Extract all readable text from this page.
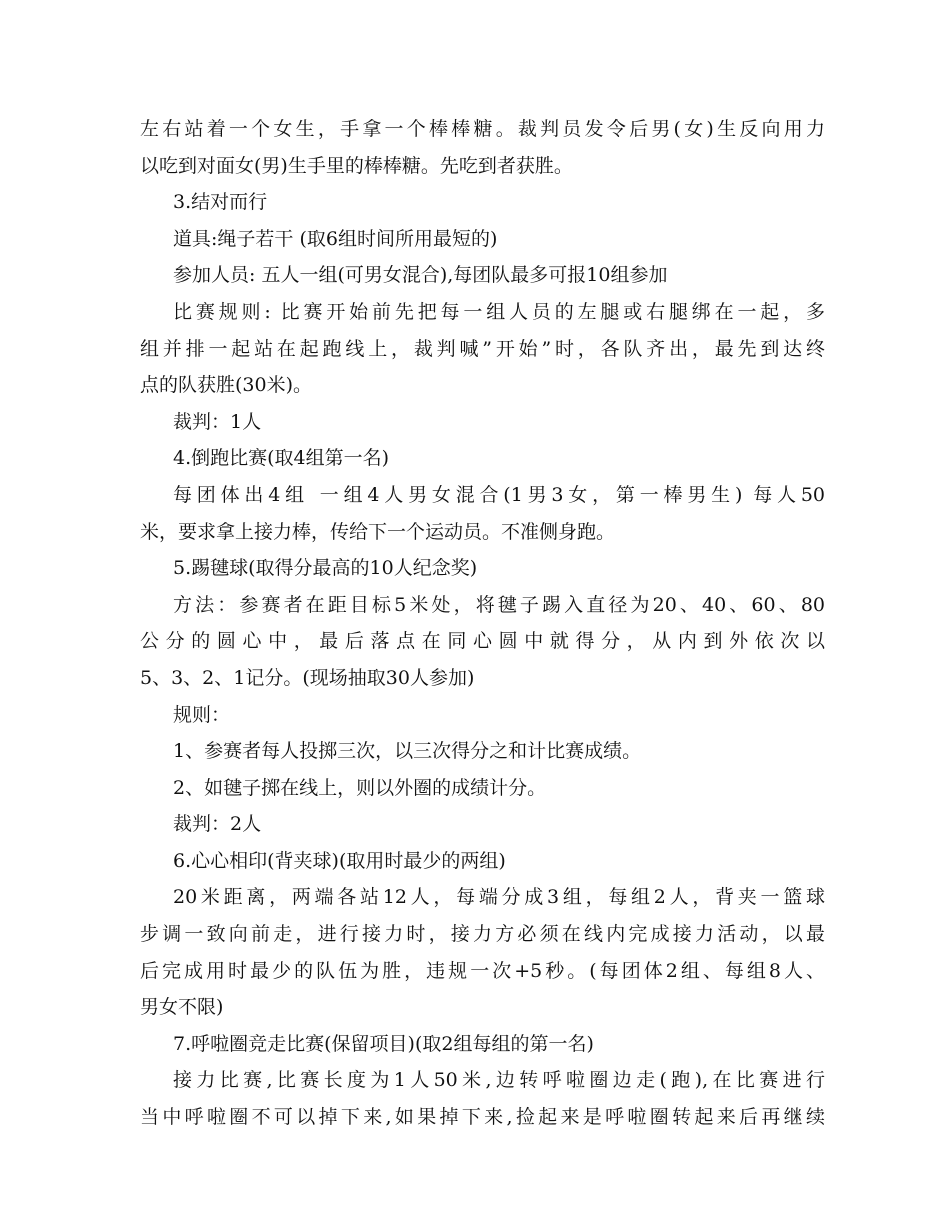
左右站着一个女生，手拿一个棒棒糖。裁判员发令后男(女)生反向用力

以吃到对面女(男)生手里的棒棒糖。先吃到者获胜。

3.结对而行

道具:绳子若干 (取6组时间所用最短的)

参加人员: 五人一组(可男女混合),每团队最多可报10组参加

比赛规则: 比赛开始前先把每一组人员的左腿或右腿绑在一起，多

组并排一起站在起跑线上，裁判喊”开始”时，各队齐出，最先到达终

点的队获胜(30米)。

裁判：1人

4.倒跑比赛(取4组第一名)

每团体出4组 一组4人男女混合(1男3女，第一棒男生) 每人50

米，要求拿上接力棒，传给下一个运动员。不准侧身跑。

5.踢毽球(取得分最高的10人纪念奖)

方法：参赛者在距目标5米处，将毽子踢入直径为20、40、60、80

公分的圆心中，最后落点在同心圆中就得分，从内到外依次以

5、3、2、1记分。(现场抽取30人参加)

规则：

1、参赛者每人投掷三次，以三次得分之和计比赛成绩。

2、如毽子掷在线上，则以外圈的成绩计分。

裁判：2人

6.心心相印(背夹球)(取用时最少的两组)

20米距离，两端各站12人，每端分成3组，每组2人，背夹一篮球

步调一致向前走，进行接力时，接力方必须在线内完成接力活动，以最

后完成用时最少的队伍为胜，违规一次+5秒。(每团体2组、每组8人、

男女不限)

7.呼啦圈竞走比赛(保留项目)(取2组每组的第一名)

接力比赛,比赛长度为1人50米,边转呼啦圈边走(跑),在比赛进行

当中呼啦圈不可以掉下来,如果掉下来,捡起来是呼啦圈转起来后再继续
